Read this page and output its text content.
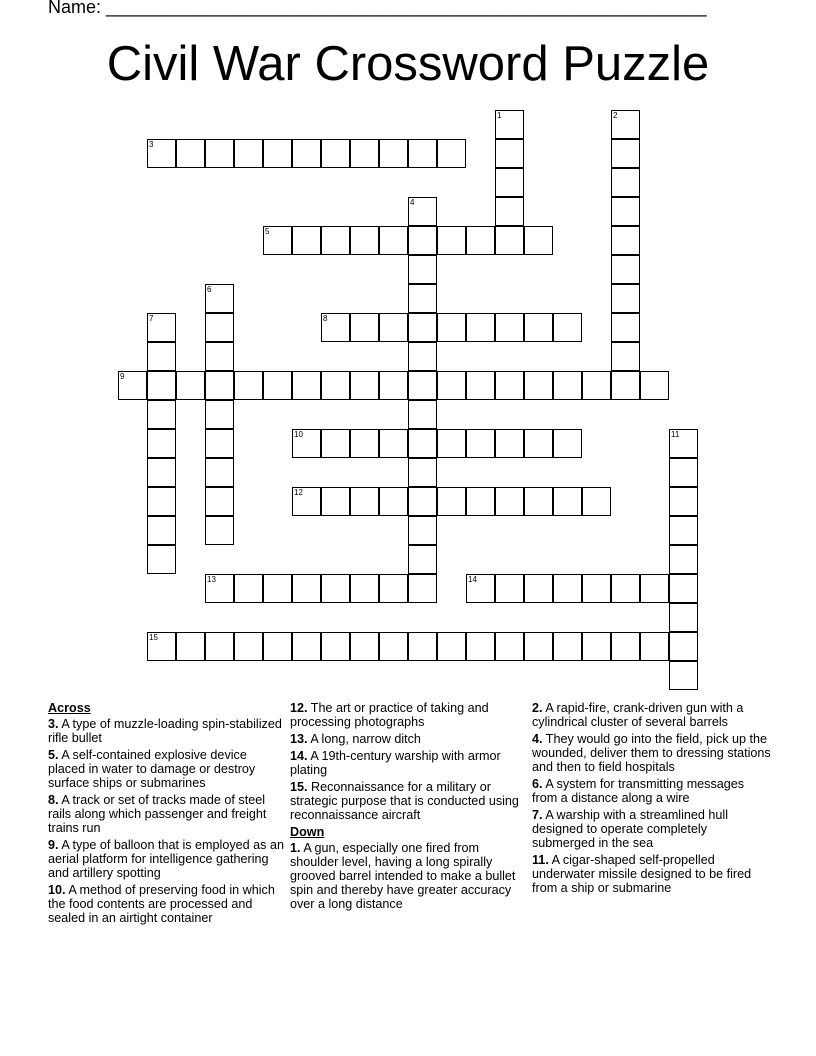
Name: ____________________________________________________________
Civil War Crossword Puzzle
1	2
3
4
5
6
7	8
9
10	11
12
13	14
15
Across
3. A type of muzzle-loading spin-stabilized rifle bullet
5. A self-contained explosive device placed in water to damage or destroy surface ships or submarines
8. A track or set of tracks made of steel rails along which passenger and freight trains run
9. A type of balloon that is employed as an aerial platform for intelligence gathering and artillery spotting
10. A method of preserving food in which the food contents are processed and sealed in an airtight container
12. The art or practice of taking and processing photographs
13. A long, narrow ditch
14. A 19th-century warship with armor plating
15. Reconnaissance for a military or strategic purpose that is conducted using reconnaissance aircraft
Down
1. A gun, especially one fired from shoulder level, having a long spirally grooved barrel intended to make a bullet spin and thereby have greater accuracy over a long distance
2. A rapid-fire, crank-driven gun with a cylindrical cluster of several barrels
4. They would go into the field, pick up the wounded, deliver them to dressing stations and then to field hospitals
6. A system for transmitting messages from a distance along a wire
7. A warship with a streamlined hull designed to operate completely submerged in the sea
11. A cigar-shaped self-propelled underwater missile designed to be fired from a ship or submarine
